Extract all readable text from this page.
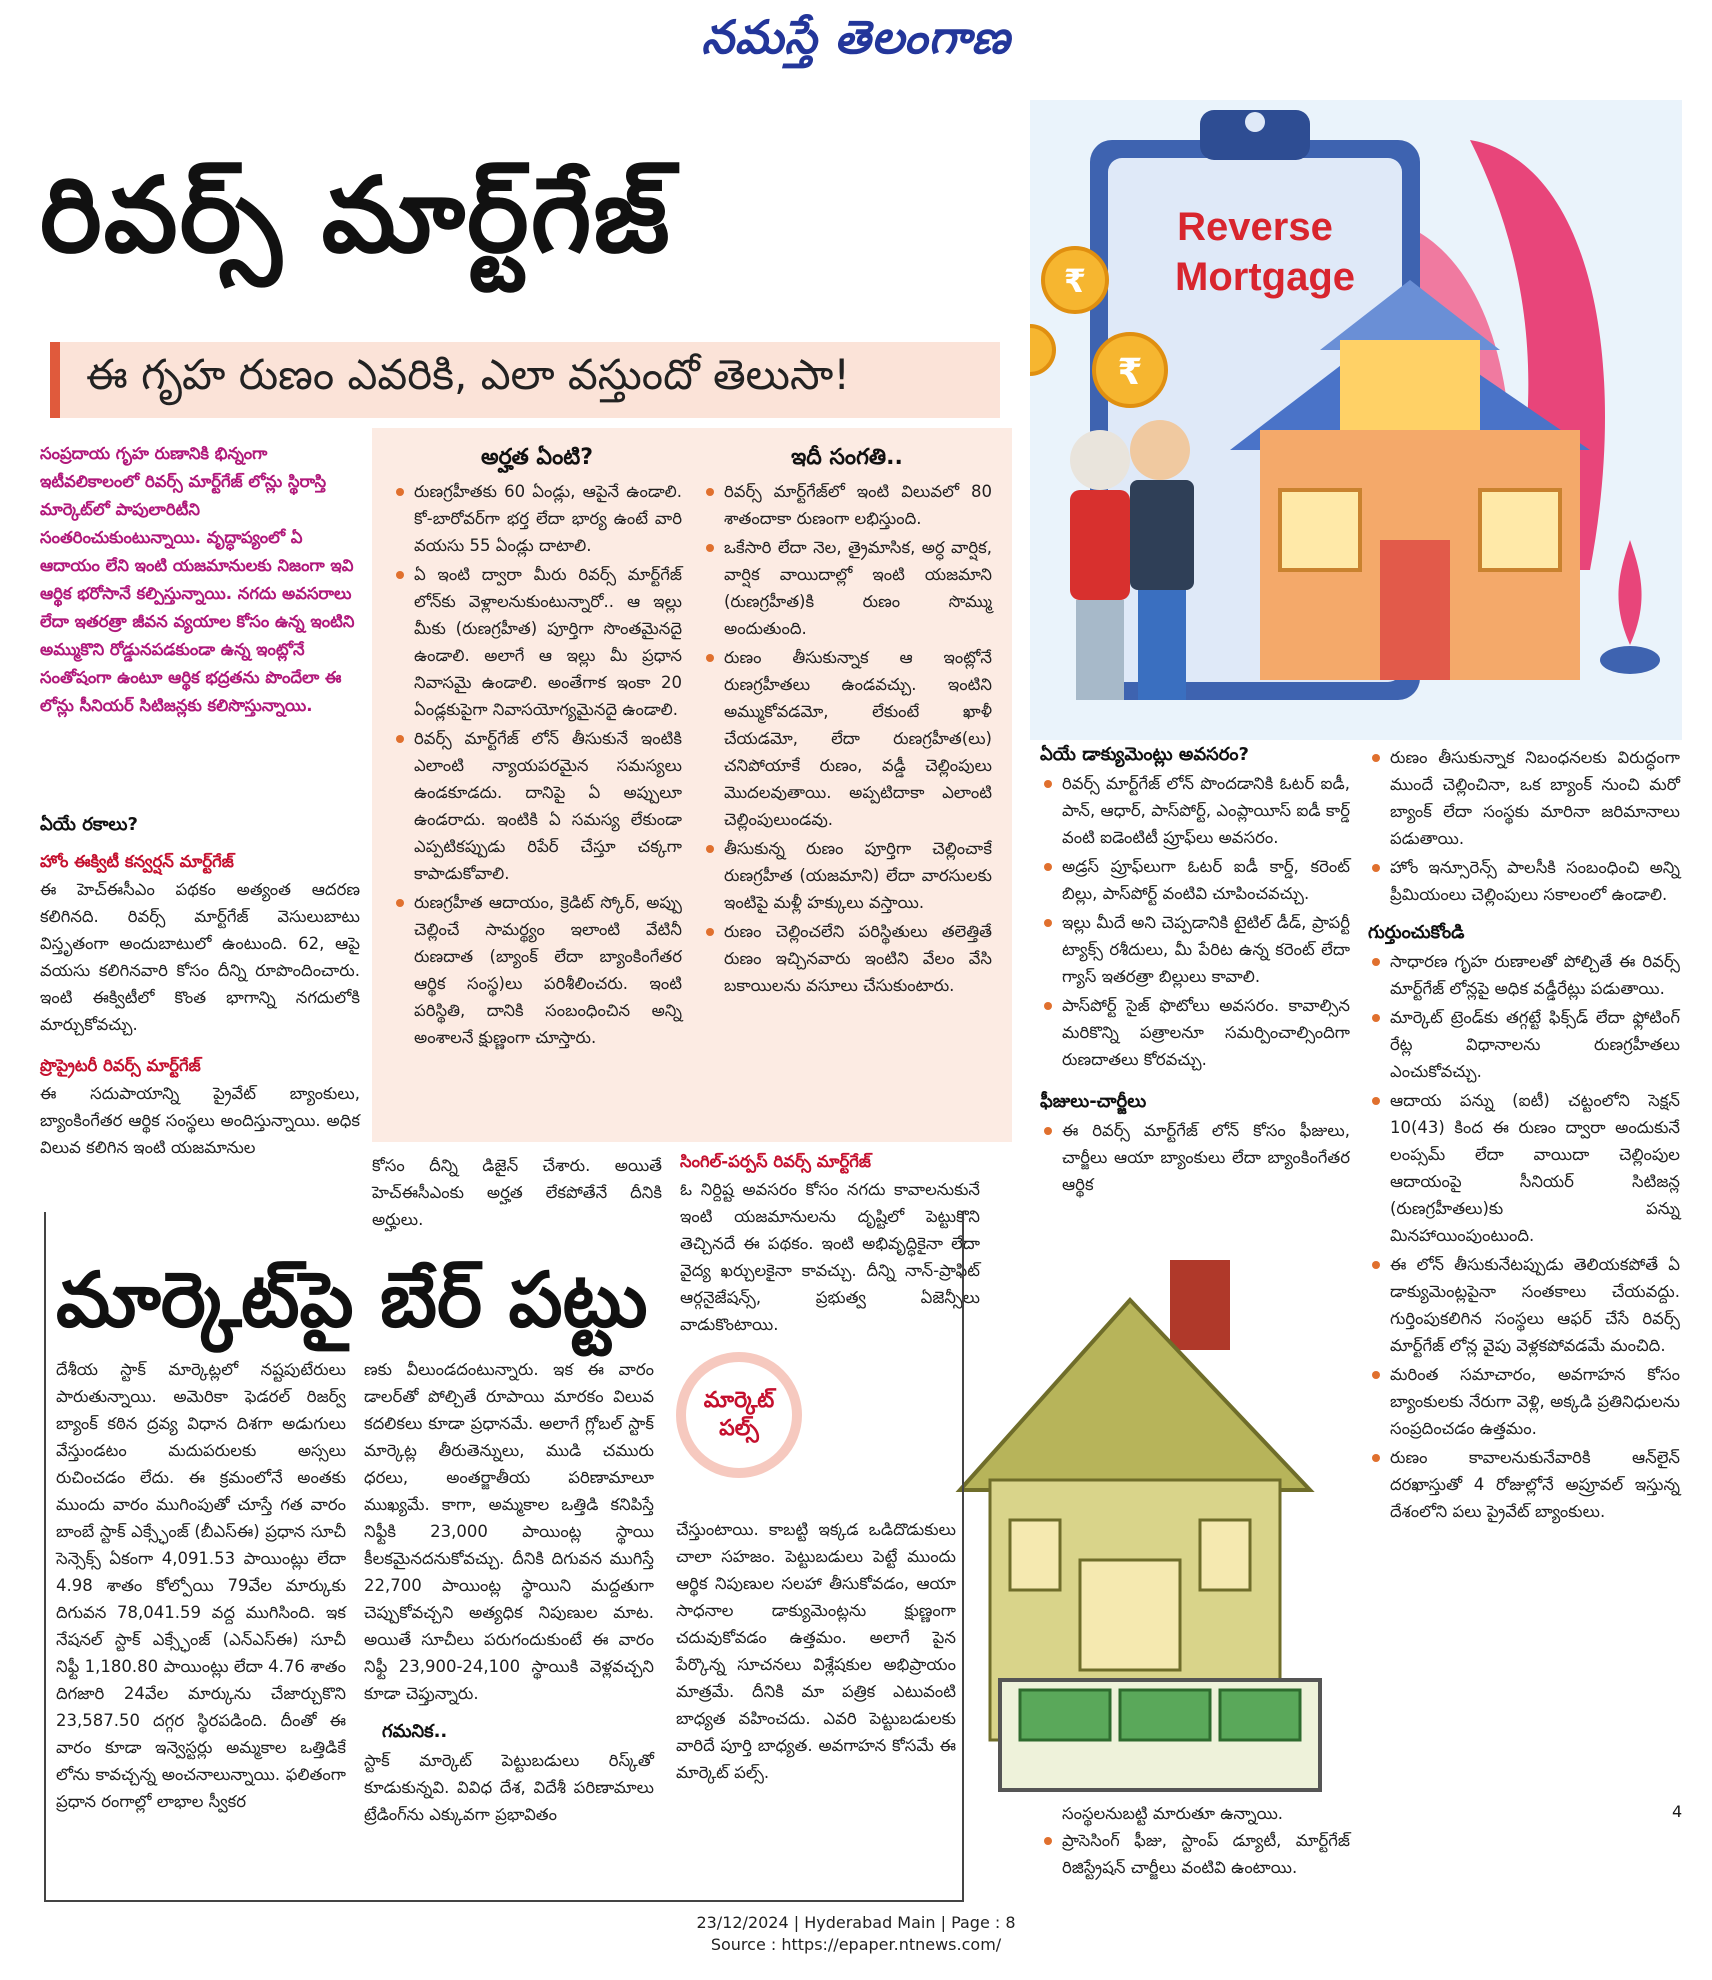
నమస్తే తెలంగాణ
రివర్స్ మార్ట్‌గేజ్
ఈ గృహ రుణం ఎవరికి, ఎలా వస్తుందో తెలుసా!
Reverse
Mortgage
₹
₹
సంప్రదాయ గృహ రుణానికి భిన్నంగా ఇటీవలికాలంలో రివర్స్ మార్ట్‌గేజ్ లోన్లు స్థిరాస్తి మార్కెట్‌లో పాపులారిటీని సంతరించుకుంటున్నాయి. వృద్ధాప్యంలో ఏ ఆదాయం లేని ఇంటి యజమానులకు నిజంగా ఇవి ఆర్థిక భరోసానే కల్పిస్తున్నాయి. నగదు అవసరాలు లేదా ఇతరత్రా జీవన వ్యయాల కోసం ఉన్న ఇంటిని అమ్ముకొని రోడ్డునపడకుండా ఉన్న ఇంట్లోనే సంతోషంగా ఉంటూ ఆర్థిక భద్రతను పొందేలా ఈ లోన్లు సీనియర్ సిటిజన్లకు కలిసొస్తున్నాయి.
ఏయే రకాలు?
హోం ఈక్విటీ కన్వర్షన్ మార్ట్‌గేజ్
ఈ హెచ్‌ఈసీఎం పథకం అత్యంత ఆదరణ కలిగినది. రివర్స్ మార్ట్‌గేజ్ వెసులుబాటు విస్తృతంగా అందుబాటులో ఉంటుంది. 62, ఆపై వయసు కలిగినవారి కోసం దీన్ని రూపొందించారు. ఇంటి ఈక్విటీలో కొంత భాగాన్ని నగదులోకి మార్చుకోవచ్చు.
ప్రొప్రైటరీ రివర్స్ మార్ట్‌గేజ్
ఈ సదుపాయాన్ని ప్రైవేట్ బ్యాంకులు, బ్యాంకింగేతర ఆర్థిక సంస్థలు అందిస్తున్నాయి. అధిక విలువ కలిగిన ఇంటి యజమానుల
అర్హత ఏంటి?
రుణగ్రహీతకు 60 ఏండ్లు, ఆపైనే ఉండాలి. కో-బారోవర్‌గా భర్త లేదా భార్య ఉంటే వారి వయసు 55 ఏండ్లు దాటాలి.
ఏ ఇంటి ద్వారా మీరు రివర్స్ మార్ట్‌గేజ్ లోన్‌కు వెళ్లాలనుకుంటున్నారో.. ఆ ఇల్లు మీకు (రుణగ్రహీత) పూర్తిగా సొంతమైనదై ఉండాలి. అలాగే ఆ ఇల్లు మీ ప్రధాన నివాసమై ఉండాలి. అంతేగాక ఇంకా 20 ఏండ్లకుపైగా నివాసయోగ్యమైనదై ఉండాలి.
రివర్స్ మార్ట్‌గేజ్ లోన్ తీసుకునే ఇంటికి ఎలాంటి న్యాయపరమైన సమస్యలు ఉండకూడదు. దానిపై ఏ అప్పులూ ఉండరాదు. ఇంటికి ఏ సమస్య లేకుండా ఎప్పటికప్పుడు రిపేర్ చేస్తూ చక్కగా కాపాడుకోవాలి.
రుణగ్రహీత ఆదాయం, క్రెడిట్ స్కోర్, అప్పు చెల్లించే సామర్థ్యం ఇలాంటి వేటినీ రుణదాత (బ్యాంక్ లేదా బ్యాంకింగేతర ఆర్థిక సంస్థ)లు పరిశీలించరు. ఇంటి పరిస్థితి, దానికి సంబంధించిన అన్ని అంశాలనే క్షుణ్ణంగా చూస్తారు.
ఇదీ సంగతి..
రివర్స్ మార్ట్‌గేజ్‌లో ఇంటి విలువలో 80 శాతందాకా రుణంగా లభిస్తుంది.
ఒకేసారి లేదా నెల, త్రైమాసిక, అర్ధ వార్షిక, వార్షిక వాయిదాల్లో ఇంటి యజమాని (రుణగ్రహీత)కి రుణం సొమ్ము అందుతుంది.
రుణం తీసుకున్నాక ఆ ఇంట్లోనే రుణగ్రహీతలు ఉండవచ్చు. ఇంటిని అమ్ముకోవడమో, లేకుంటే ఖాళీ చేయడమో, లేదా రుణగ్రహీత(లు) చనిపోయాకే రుణం, వడ్డీ చెల్లింపులు మొదలవుతాయి. అప్పటిదాకా ఎలాంటి చెల్లింపులుండవు.
తీసుకున్న రుణం పూర్తిగా చెల్లించాకే రుణగ్రహీత (యజమాని) లేదా వారసులకు ఇంటిపై మళ్లీ హక్కులు వస్తాయి.
రుణం చెల్లించలేని పరిస్థితులు తలెత్తితే రుణం ఇచ్చినవారు ఇంటిని వేలం వేసి బకాయిలను వసూలు చేసుకుంటారు.
కోసం దీన్ని డిజైన్ చేశారు. అయితే హెచ్‌ఈసీఎంకు అర్హత లేకపోతేనే దీనికి అర్హులు.
సింగిల్-పర్పస్ రివర్స్ మార్ట్‌గేజ్
ఓ నిర్దిష్ట అవసరం కోసం నగదు కావాలనుకునే ఇంటి యజమానులను దృష్టిలో పెట్టుకొని తెచ్చినదే ఈ పథకం. ఇంటి అభివృద్ధికైనా లేదా వైద్య ఖర్చులకైనా కావచ్చు. దీన్ని నాన్-ప్రాఫిట్ ఆర్గనైజేషన్స్, ప్రభుత్వ ఏజెన్సీలు వాడుకొంటాయి.
ఏయే డాక్యుమెంట్లు అవసరం?
రివర్స్ మార్ట్‌గేజ్ లోన్ పొందడానికి ఓటర్ ఐడీ, పాన్, ఆధార్, పాస్‌పోర్ట్, ఎంప్లాయీస్ ఐడీ కార్డ్ వంటి ఐడెంటిటీ ప్రూఫ్‌లు అవసరం.
అడ్రస్ ప్రూఫ్‌లుగా ఓటర్ ఐడీ కార్డ్, కరెంట్ బిల్లు, పాస్‌పోర్ట్ వంటివి చూపించవచ్చు.
ఇల్లు మీదే అని చెప్పడానికి టైటిల్ డీడ్, ప్రాపర్టీ ట్యాక్స్ రశీదులు, మీ పేరిట ఉన్న కరెంట్ లేదా గ్యాస్ ఇతరత్రా బిల్లులు కావాలి.
పాస్‌పోర్ట్ సైజ్ ఫొటోలు అవసరం. కావాల్సిన మరికొన్ని పత్రాలనూ సమర్పించాల్సిందిగా రుణదాతలు కోరవచ్చు.
ఫీజులు-చార్జీలు
ఈ రివర్స్ మార్ట్‌గేజ్ లోన్ కోసం ఫీజులు, చార్జీలు ఆయా బ్యాంకులు లేదా బ్యాంకింగేతర ఆర్థిక
సంస్థలనుబట్టి మారుతూ ఉన్నాయి.
ప్రాసెసింగ్ ఫీజు, స్టాంప్ డ్యూటీ, మార్ట్‌గేజ్ రిజిస్ట్రేషన్ చార్జీలు వంటివి ఉంటాయి.
రుణం తీసుకున్నాక నిబంధనలకు విరుద్ధంగా ముందే చెల్లించినా, ఒక బ్యాంక్ నుంచి మరో బ్యాంక్ లేదా సంస్థకు మారినా జరిమానాలు పడుతాయి.
హోం ఇన్సూరెన్స్ పాలసీకి సంబంధించి అన్ని ప్రీమియంలు చెల్లింపులు సకాలంలో ఉండాలి.
గుర్తుంచుకోండి
సాధారణ గృహ రుణాలతో పోల్చితే ఈ రివర్స్ మార్ట్‌గేజ్ లోన్లపై అధిక వడ్డీరేట్లు పడుతాయి.
మార్కెట్ ట్రెండ్‌కు తగ్గట్టే ఫిక్స్‌డ్ లేదా ఫ్లోటింగ్ రేట్ల విధానాలను రుణగ్రహీతలు ఎంచుకోవచ్చు.
ఆదాయ పన్ను (ఐటీ) చట్టంలోని సెక్షన్ 10(43) కింద ఈ రుణం ద్వారా అందుకునే లంప్సమ్ లేదా వాయిదా చెల్లింపుల ఆదాయంపై సీనియర్ సిటిజన్ల (రుణగ్రహీతలు)కు పన్ను మినహాయింపుంటుంది.
ఈ లోన్ తీసుకునేటప్పుడు తెలియకపోతే ఏ డాక్యుమెంట్లపైనా సంతకాలు చేయవద్దు. గుర్తింపుకలిగిన సంస్థలు ఆఫర్ చేసే రివర్స్ మార్ట్‌గేజ్ లోన్ల వైపు వెళ్లకపోవడమే మంచిది.
మరింత సమాచారం, అవగాహన కోసం బ్యాంకులకు నేరుగా వెళ్లి, అక్కడి ప్రతినిధులను సంప్రదించడం ఉత్తమం.
రుణం కావాలనుకునేవారికి ఆన్‌లైన్ దరఖాస్తుతో 4 రోజుల్లోనే అప్రూవల్ ఇస్తున్న దేశంలోని పలు ప్రైవేట్ బ్యాంకులు.
మార్కెట్‌పై బేర్ పట్టు
మార్కెట్
పల్స్
దేశీయ స్టాక్ మార్కెట్లలో నష్టపుటేరులు పారుతున్నాయి. అమెరికా ఫెడరల్ రిజర్వ్ బ్యాంక్ కఠిన ద్రవ్య విధాన దిశగా అడుగులు వేస్తుండటం మదుపరులకు అస్సలు రుచించడం లేదు. ఈ క్రమంలోనే అంతకు ముందు వారం ముగింపుతో చూస్తే గత వారం బాంబే స్టాక్ ఎక్స్ఛేంజ్ (బీఎస్‌ఈ) ప్రధాన సూచీ సెన్సెక్స్ ఏకంగా 4,091.53 పాయింట్లు లేదా 4.98 శాతం కోల్పోయి 79వేల మార్కుకు దిగువన 78,041.59 వద్ద ముగిసింది. ఇక నేషనల్ స్టాక్ ఎక్స్ఛేంజ్ (ఎన్‌ఎస్‌ఈ) సూచీ నిఫ్టీ 1,180.80 పాయింట్లు లేదా 4.76 శాతం దిగజారి 24వేల మార్కును చేజార్చుకొని 23,587.50 దగ్గర స్థిరపడింది. దీంతో ఈ వారం కూడా ఇన్వెస్టర్లు అమ్మకాల ఒత్తిడికే లోను కావచ్చన్న అంచనాలున్నాయి. ఫలితంగా ప్రధాన రంగాల్లో లాభాల స్వీకర
ణకు వీలుండదంటున్నారు. ఇక ఈ వారం డాలర్‌తో పోల్చితే రూపాయి మారకం విలువ కదలికలు కూడా ప్రధానమే. అలాగే గ్లోబల్ స్టాక్ మార్కెట్ల తీరుతెన్నులు, ముడి చమురు ధరలు, అంతర్జాతీయ పరిణామాలూ ముఖ్యమే. కాగా, అమ్మకాల ఒత్తిడి కనిపిస్తే నిఫ్టీకి 23,000 పాయింట్ల స్థాయి కీలకమైనదనుకోవచ్చు. దీనికి దిగువన ముగిస్తే 22,700 పాయింట్ల స్థాయిని మద్దతుగా చెప్పుకోవచ్చని అత్యధిక నిపుణుల మాట. అయితే సూచీలు పరుగందుకుంటే ఈ వారం నిఫ్టీ 23,900-24,100 స్థాయికి వెళ్లవచ్చని కూడా చెప్తున్నారు.
గమనిక..
స్టాక్ మార్కెట్ పెట్టుబడులు రిస్క్‌తో కూడుకున్నవి. వివిధ దేశ, విదేశీ పరిణామాలు ట్రేడింగ్‌ను ఎక్కువగా ప్రభావితం
చేస్తుంటాయి. కాబట్టి ఇక్కడ ఒడిదొడుకులు చాలా సహజం. పెట్టుబడులు పెట్టే ముందు ఆర్థిక నిపుణుల సలహా తీసుకోవడం, ఆయా సాధనాల డాక్యుమెంట్లను క్షుణ్ణంగా చదువుకోవడం ఉత్తమం. అలాగే పైన పేర్కొన్న సూచనలు విశ్లేషకుల అభిప్రాయం మాత్రమే. దీనికి మా పత్రిక ఎటువంటి బాధ్యత వహించదు. ఎవరి పెట్టుబడులకు వారిదే పూర్తి బాధ్యత. అవగాహన కోసమే ఈ మార్కెట్ పల్స్.
4
23/12/2024 | Hyderabad Main | Page : 8
Source : https://epaper.ntnews.com/
